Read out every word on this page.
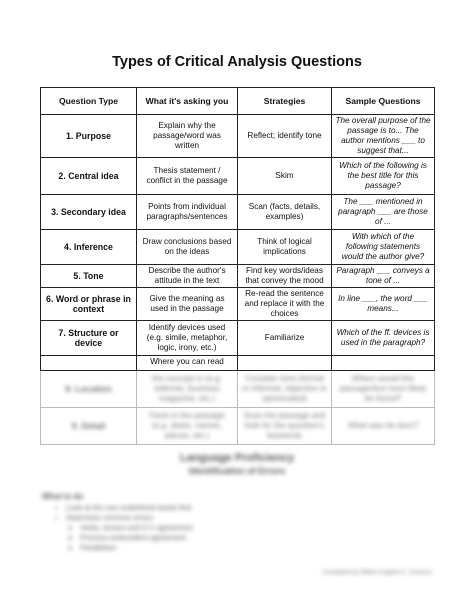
Types of Critical Analysis Questions
Question Type	What it's asking you	Strategies	Sample Questions
1. Purpose	Explain why the passage/word was written	Reflect; identify tone	The overall purpose of the passage is to... The author mentions ___ to suggest that...
2. Central idea	Thesis statement / conflict in the passage	Skim	Which of the following is the best title for this passage?
3. Secondary idea	Points from individual paragraphs/sentences	Scan (facts, details, examples)	The ___ mentioned in paragraph ___ are those of ...
4. Inference	Draw conclusions based on the ideas	Think of logical implications	With which of the following statements would the author give?
5. Tone	Describe the author's attitude in the text	Find key words/ideas that convey the mood	Paragraph ___ conveys a tone of ...
6. Word or phrase in context	Give the meaning as used in the passage	Re-read the sentence and replace it with the choices	In line ___, the word ___ means...
7. Structure or device	Identify devices used (e.g. simile, metaphor, logic, irony, etc.)	Familiarize	Which of the ff. devices is used in the paragraph?
	Where you can read		
8. Location	the concept in (e.g. editorial, business magazine, etc.)	Consider tone (formal or informal, objective or opinionated)	Where would this passage/text most likely be found?
9. Detail	Facts in the passage (e.g. dates, names, places, etc.)	Scan the passage and look for the question's keywords	What was he born?
Language Proficiency
Identification of Errors
What to do
• Look at the non-underlined words first
• Determine common errors
◦ Verbs, tenses and S-V agreement
◦ Pronoun-antecedent agreement
◦ Parallelism
Compiled by Mikko Angelo E. Caramo
